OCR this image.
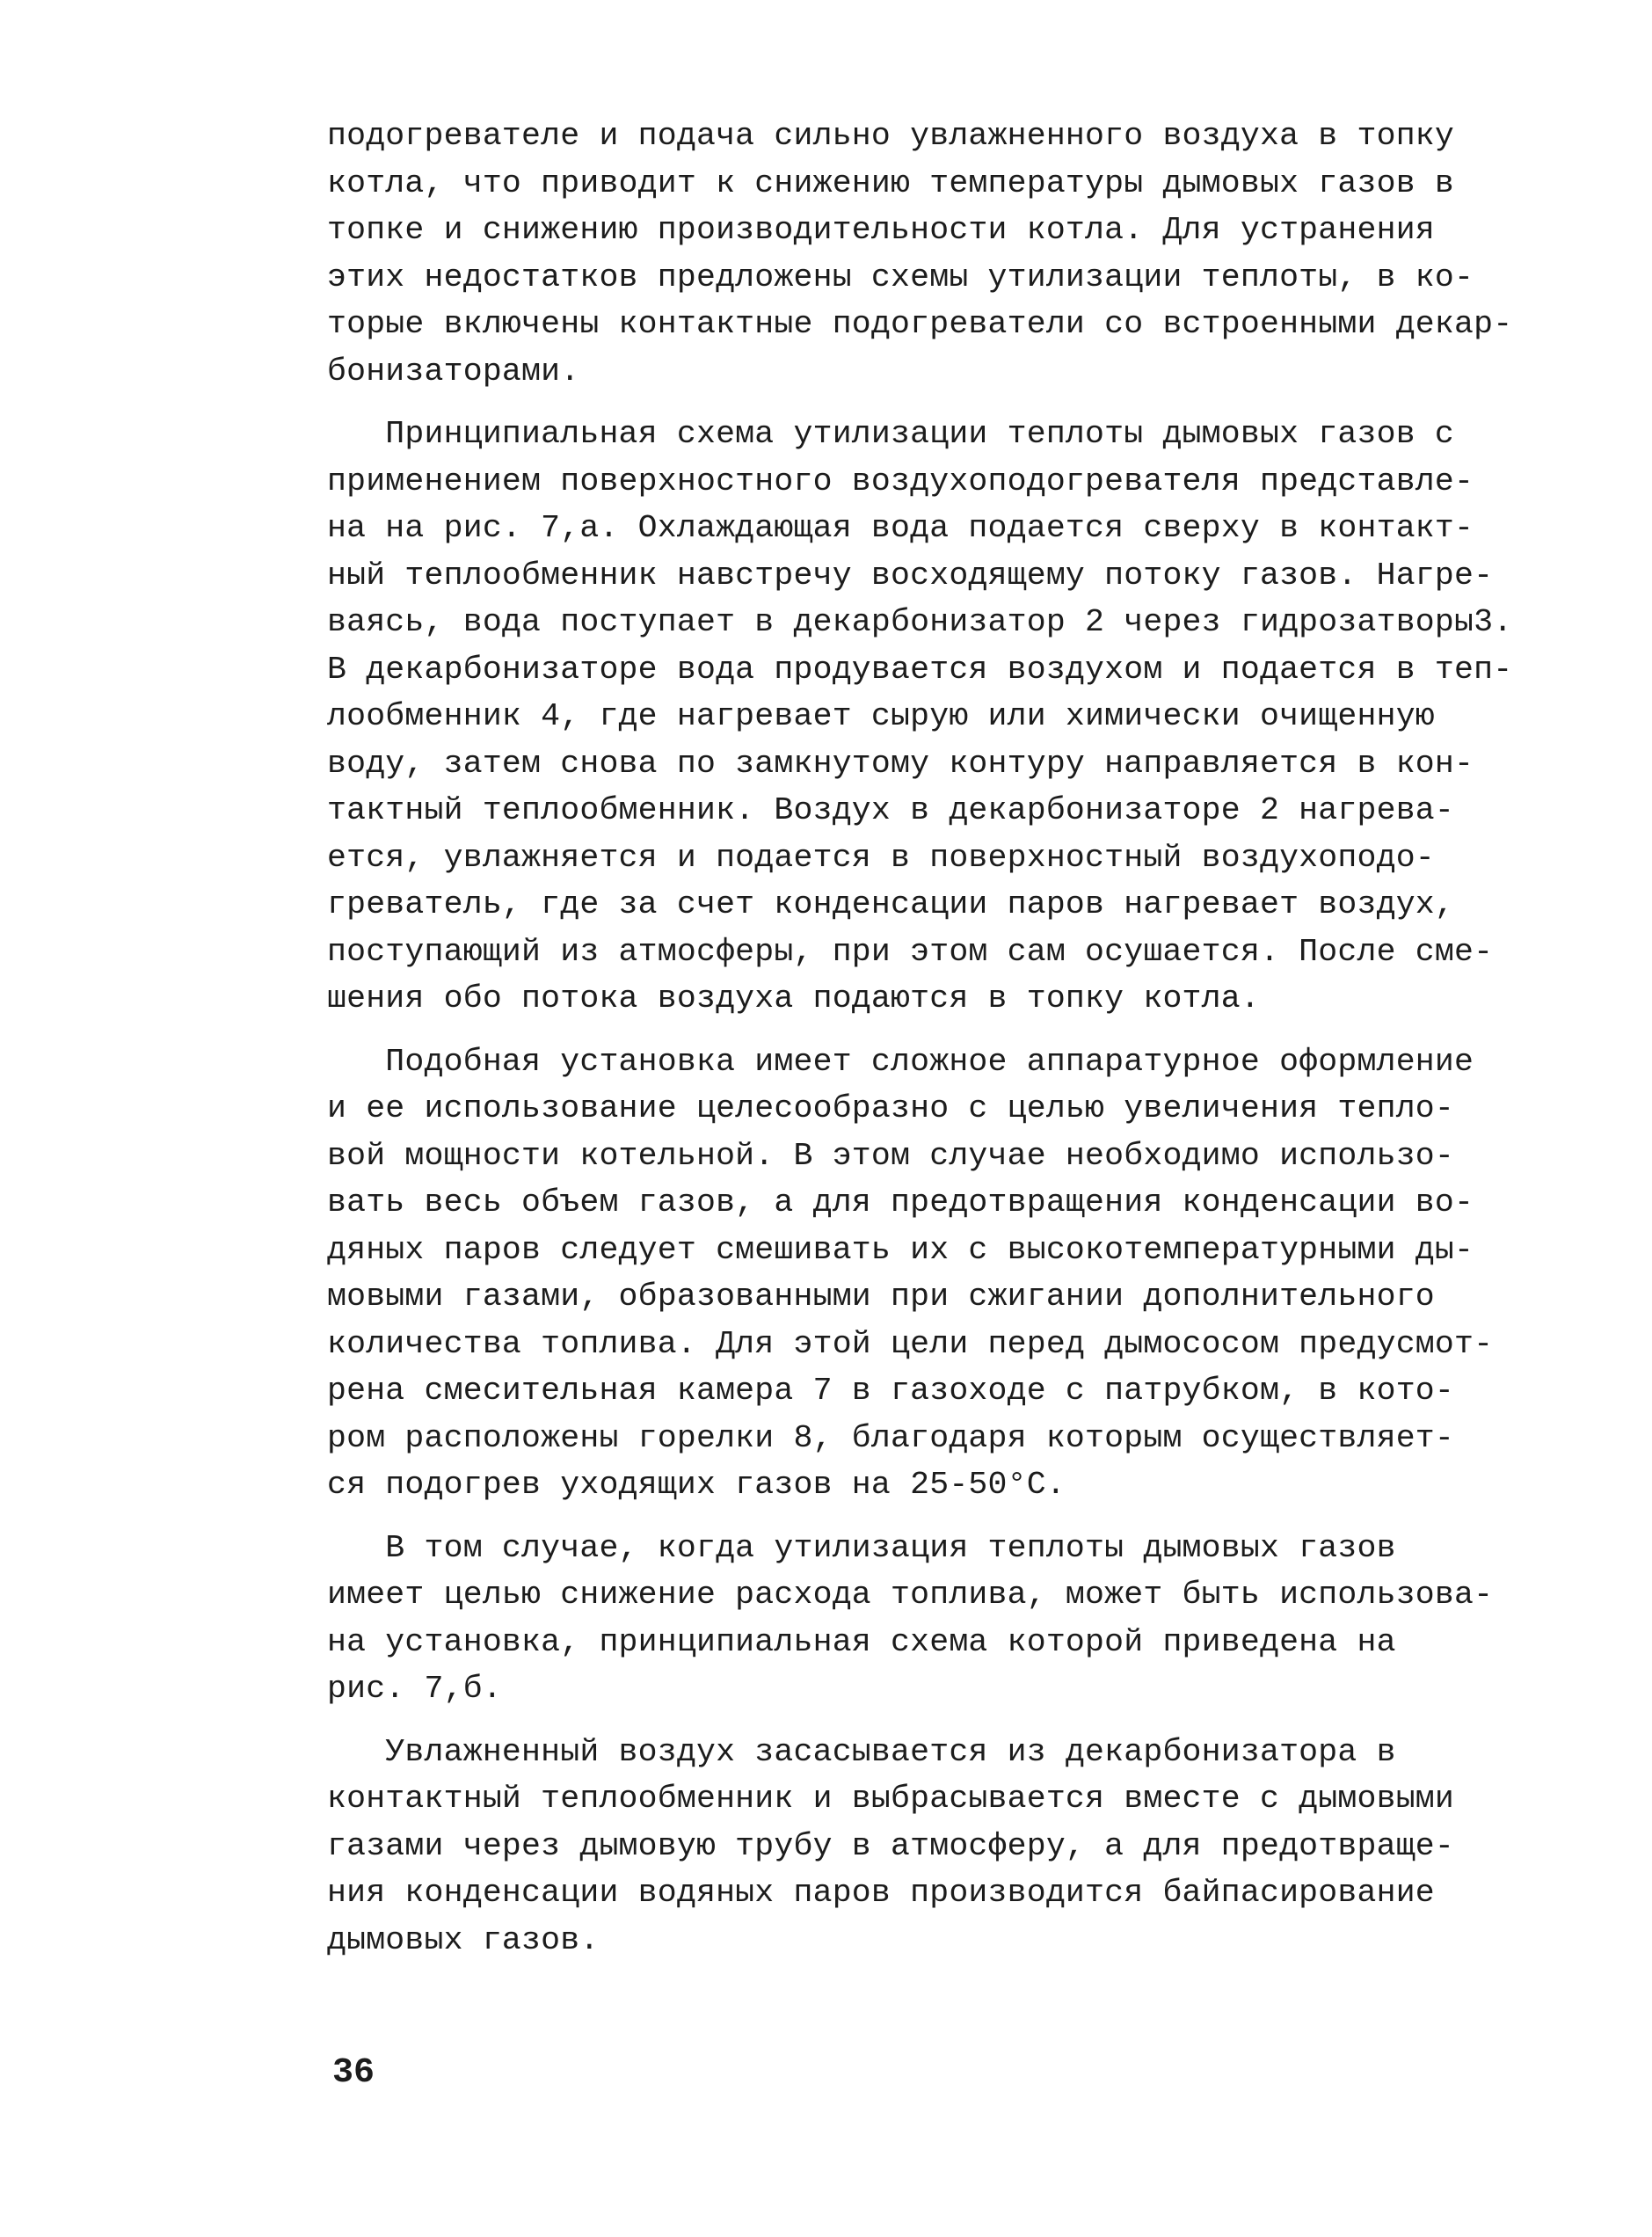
подогревателе и подача сильно увлажненного воздуха в топку
котла, что приводит к снижению температуры дымовых газов в
топке и снижению производительности котла. Для устранения
этих недостатков предложены схемы утилизации теплоты, в ко-
торые включены контактные подогреватели со встроенными декар-
бонизаторами.
Принципиальная схема утилизации теплоты дымовых газов с
применением поверхностного воздухоподогревателя представле-
на на рис. 7,а. Охлаждающая вода подается сверху в контакт-
ный теплообменник навстречу восходящему потоку газов. Нагре-
ваясь, вода поступает в декарбонизатор 2 через гидрозатворы3.
В декарбонизаторе вода продувается воздухом и подается в теп-
лообменник 4, где нагревает сырую или химически очищенную
воду, затем снова по замкнутому контуру направляется в кон-
тактный теплообменник. Воздух в декарбонизаторе 2 нагрева-
ется, увлажняется и подается в поверхностный воздухоподо-
греватель, где за счет конденсации паров нагревает воздух,
поступающий из атмосферы, при этом сам осушается. После сме-
шения обо потока воздуха подаются в топку котла.
Подобная установка имеет сложное аппаратурное оформление
и ее использование целесообразно с целью увеличения тепло-
вой мощности котельной. В этом случае необходимо использо-
вать весь объем газов, а для предотвращения конденсации во-
дяных паров следует смешивать их с высокотемпературными ды-
мовыми газами, образованными при сжигании дополнительного
количества топлива. Для этой цели перед дымососом предусмот-
рена смесительная камера 7 в газоходе с патрубком, в кото-
ром расположены горелки 8, благодаря которым осуществляет-
ся подогрев уходящих газов на 25-50°С.
В том случае, когда утилизация теплоты дымовых газов
имеет целью снижение расхода топлива, может быть использова-
на установка, принципиальная схема которой приведена на
рис. 7,б.
Увлажненный воздух засасывается из декарбонизатора в
контактный теплообменник и выбрасывается вместе с дымовыми
газами через дымовую трубу в атмосферу, а для предотвраще-
ния конденсации водяных паров производится байпасирование
дымовых газов.
36
